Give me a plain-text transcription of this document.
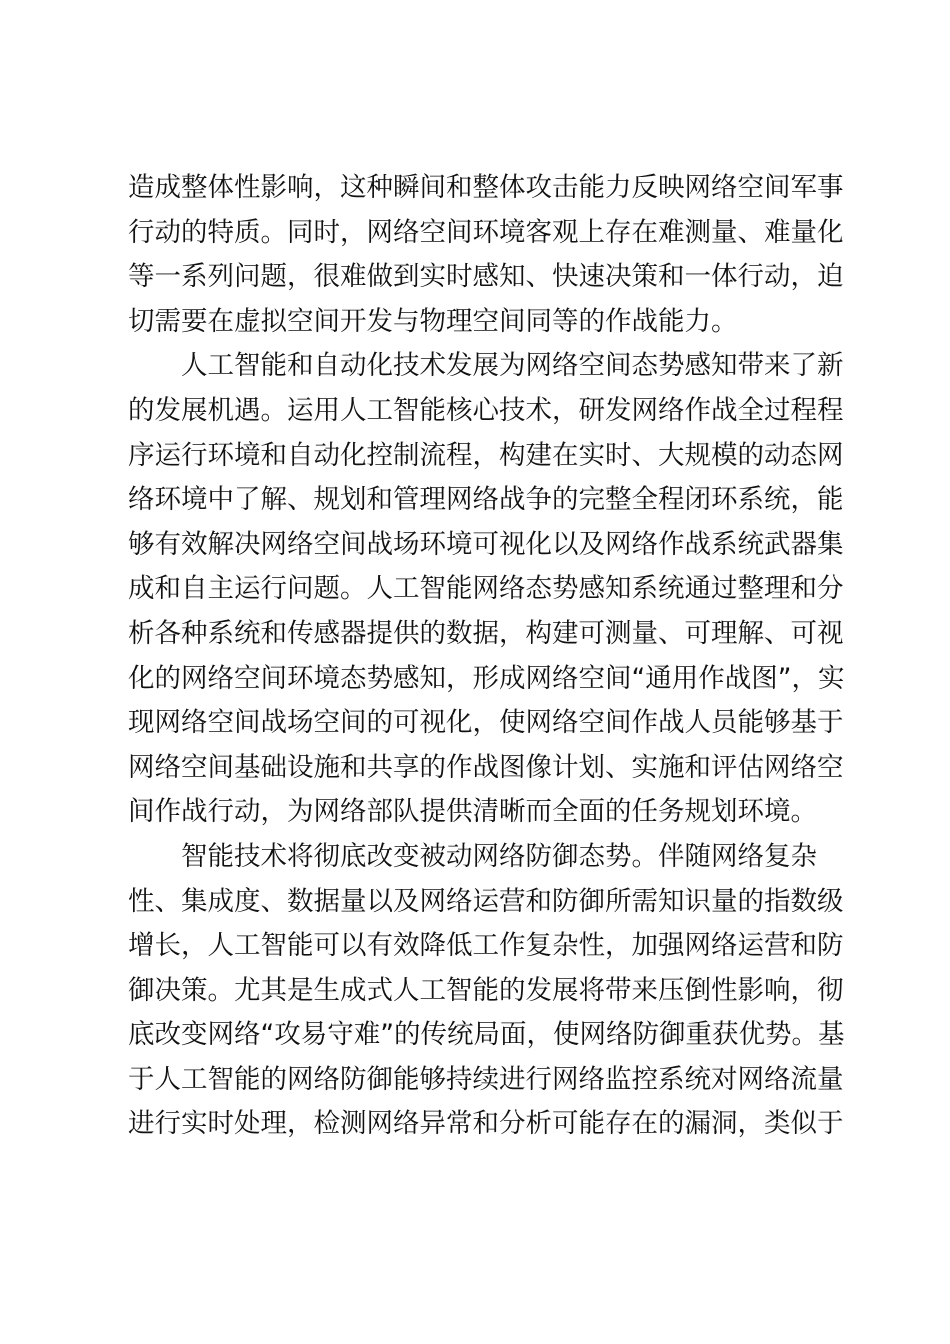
造成整体性影响，这种瞬间和整体攻击能力反映网络空间军事
行动的特质。同时，网络空间环境客观上存在难测量、难量化
等一系列问题，很难做到实时感知、快速决策和一体行动，迫
切需要在虚拟空间开发与物理空间同等的作战能力。
人工智能和自动化技术发展为网络空间态势感知带来了新
的发展机遇。运用人工智能核心技术，研发网络作战全过程程
序运行环境和自动化控制流程，构建在实时、大规模的动态网
络环境中了解、规划和管理网络战争的完整全程闭环系统，能
够有效解决网络空间战场环境可视化以及网络作战系统武器集
成和自主运行问题。人工智能网络态势感知系统通过整理和分
析各种系统和传感器提供的数据，构建可测量、可理解、可视
化的网络空间环境态势感知，形成网络空间“通用作战图”，实
现网络空间战场空间的可视化，使网络空间作战人员能够基于
网络空间基础设施和共享的作战图像计划、实施和评估网络空
间作战行动，为网络部队提供清晰而全面的任务规划环境。
智能技术将彻底改变被动网络防御态势。伴随网络复杂
性、集成度、数据量以及网络运营和防御所需知识量的指数级
增长，人工智能可以有效降低工作复杂性，加强网络运营和防
御决策。尤其是生成式人工智能的发展将带来压倒性影响，彻
底改变网络“攻易守难”的传统局面，使网络防御重获优势。基
于人工智能的网络防御能够持续进行网络监控系统对网络流量
进行实时处理，检测网络异常和分析可能存在的漏洞，类似于
